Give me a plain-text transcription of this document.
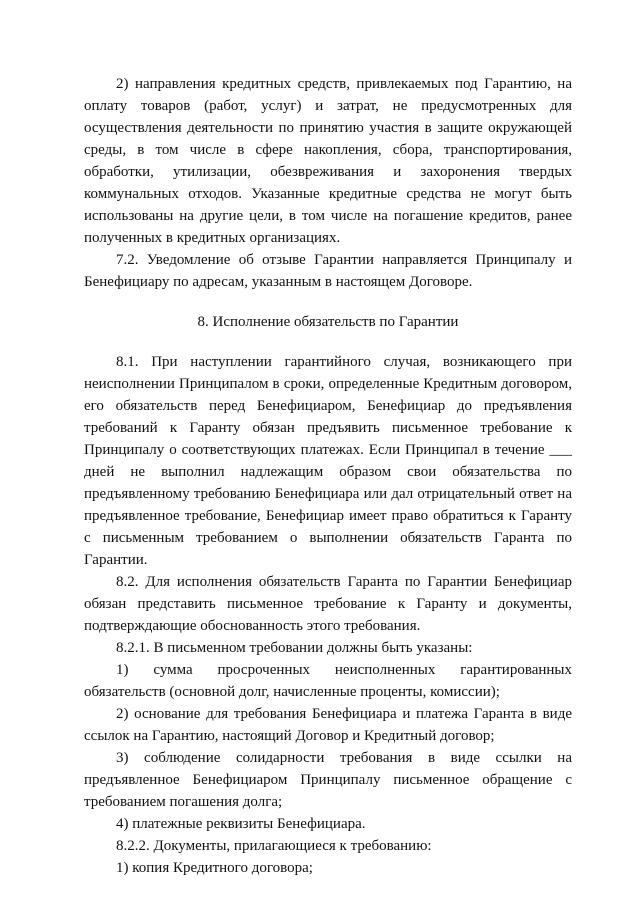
2) направления кредитных средств, привлекаемых под Гарантию, на оплату товаров (работ, услуг) и затрат, не предусмотренных для осуществления деятельности по принятию участия в защите окружающей среды, в том числе в сфере накопления, сбора, транспортирования, обработки, утилизации, обезвреживания и захоронения твердых коммунальных отходов. Указанные кредитные средства не могут быть использованы на другие цели, в том числе на погашение кредитов, ранее полученных в кредитных организациях.

7.2. Уведомление об отзыве Гарантии направляется Принципалу и Бенефициару по адресам, указанным в настоящем Договоре.

8. Исполнение обязательств по Гарантии

8.1. При наступлении гарантийного случая, возникающего при неисполнении Принципалом в сроки, определенные Кредитным договором, его обязательств перед Бенефициаром, Бенефициар до предъявления требований к Гаранту обязан предъявить письменное требование к Принципалу о соответствующих платежах. Если Принципал в течение ___ дней не выполнил надлежащим образом свои обязательства по предъявленному требованию Бенефициара или дал отрицательный ответ на предъявленное требование, Бенефициар имеет право обратиться к Гаранту с письменным требованием о выполнении обязательств Гаранта по Гарантии.

8.2. Для исполнения обязательств Гаранта по Гарантии Бенефициар обязан представить письменное требование к Гаранту и документы, подтверждающие обоснованность этого требования.

8.2.1. В письменном требовании должны быть указаны:

1) сумма просроченных неисполненных гарантированных обязательств (основной долг, начисленные проценты, комиссии);

2) основание для требования Бенефициара и платежа Гаранта в виде ссылок на Гарантию, настоящий Договор и Кредитный договор;

3) соблюдение солидарности требования в виде ссылки на предъявленное Бенефициаром Принципалу письменное обращение с требованием погашения долга;

4) платежные реквизиты Бенефициара.

8.2.2. Документы, прилагающиеся к требованию:

1) копия Кредитного договора;
